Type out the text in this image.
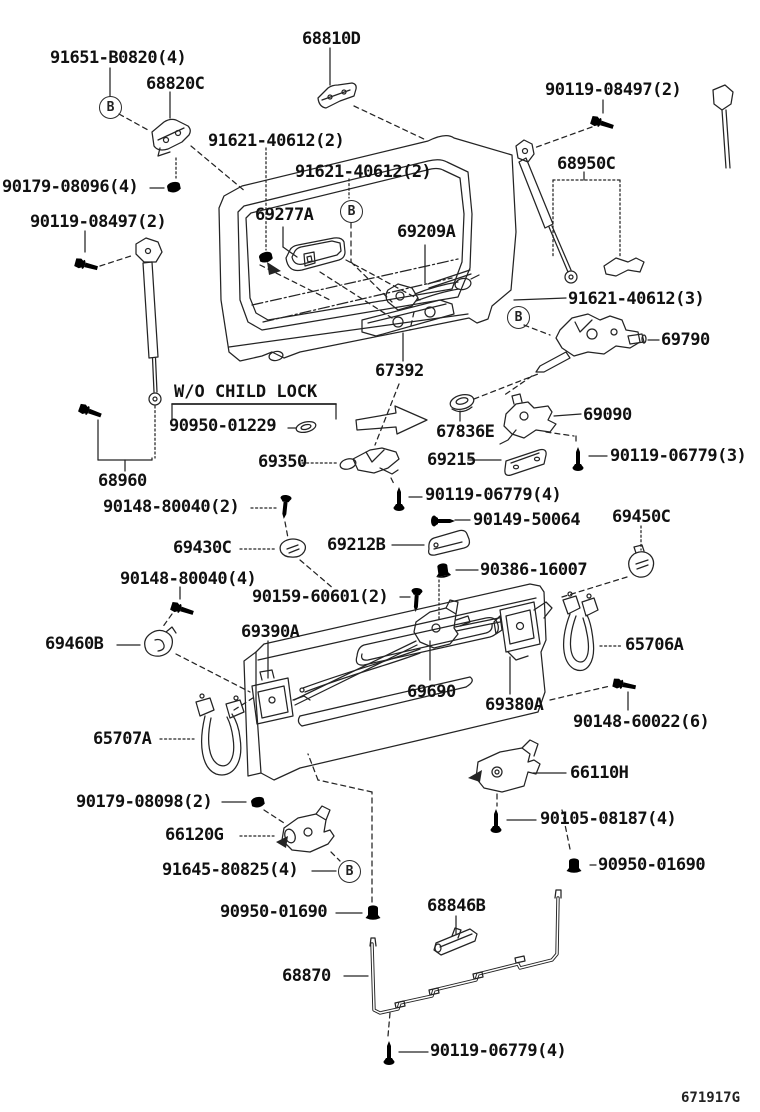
91651-B0820(4)
68810D
90119-08497(2)
68820C
91621-40612(2)
91621-40612(2)	68950C
90179-08096(4)
90119-08497(2)	69277A
69209A
91621-40612(3)
69790
67392
90950-01229	67836E
69090
69350	69215	90119-06779(3)
68960
90119-06779(4)
90148-80040(2)
90149-50064 69450C
69430C	69212B
90386-16007
90148-80040(4)
90159-60601(2)
69460B
69390A
65706A
69690
69380A
90148-60022(6)
65707A
66110H
90179-08098(2)
90105-08187(4)
66120G
91645-80825(4)	90950-01690
90950-01690	68846B
68870
90119-06779(4)
W/O CHILD LOCK
671917G
B
B
B
B
